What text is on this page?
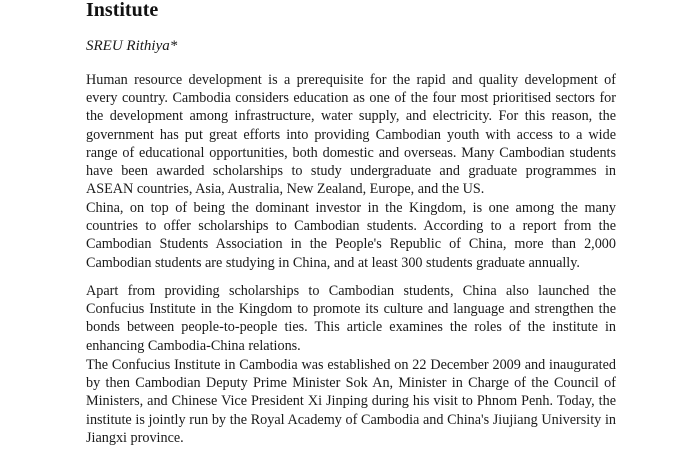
Institute

SREU Rithiya*

Human resource development is a prerequisite for the rapid and quality development of every country. Cambodia considers education as one of the four most prioritised sectors for the development among infrastructure, water supply, and electricity. For this reason, the government has put great efforts into providing Cambodian youth with access to a wide range of educational opportunities, both domestic and overseas. Many Cambodian students have been awarded scholarships to study undergraduate and graduate programmes in ASEAN countries, Asia, Australia, New Zealand, Europe, and the US.

China, on top of being the dominant investor in the Kingdom, is one among the many countries to offer scholarships to Cambodian students. According to a report from the Cambodian Students Association in the People's Republic of China, more than 2,000 Cambodian students are studying in China, and at least 300 students graduate annually.

Apart from providing scholarships to Cambodian students, China also launched the Confucius Institute in the Kingdom to promote its culture and language and strengthen the bonds between people-to-people ties. This article examines the roles of the institute in enhancing Cambodia-China relations.

The Confucius Institute in Cambodia was established on 22 December 2009 and inaugurated by then Cambodian Deputy Prime Minister Sok An, Minister in Charge of the Council of Ministers, and Chinese Vice President Xi Jinping during his visit to Phnom Penh. Today, the institute is jointly run by the Royal Academy of Cambodia and China's Jiujiang University in Jiangxi province.
